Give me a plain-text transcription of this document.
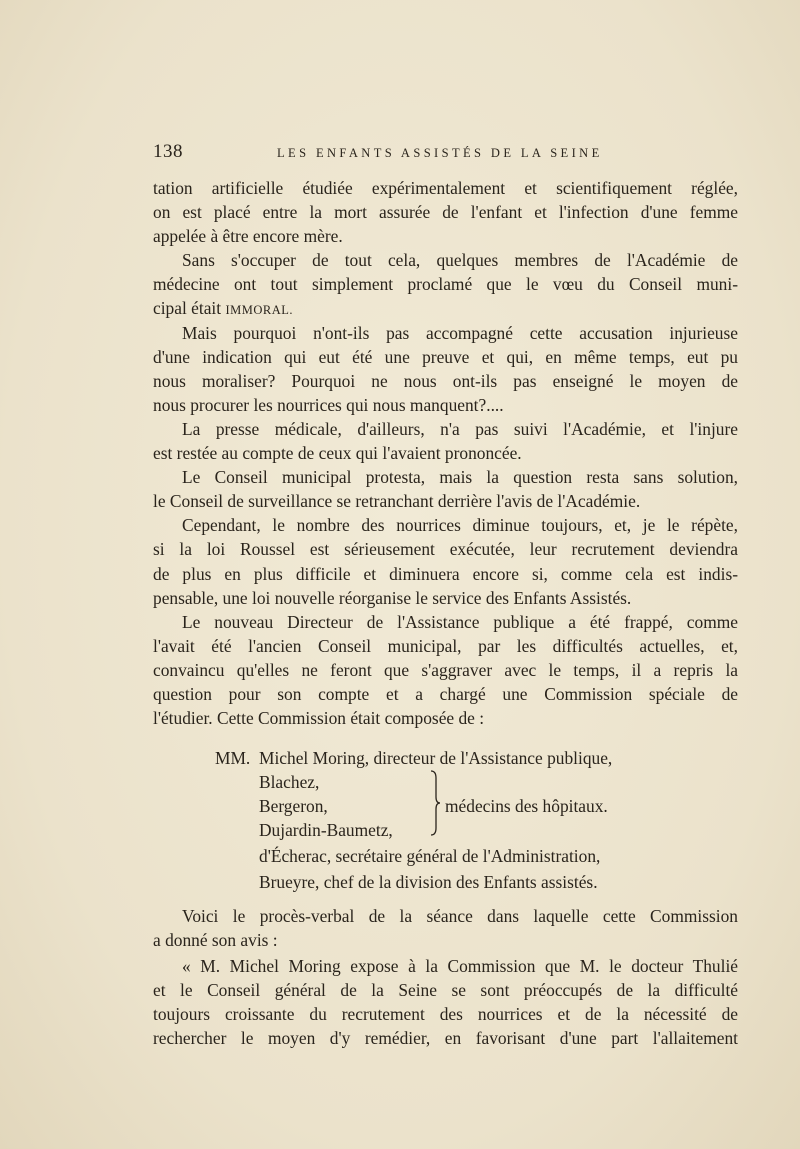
138	LES ENFANTS ASSISTÉS DE LA SEINE
tation artificielle étudiée expérimentalement et scientifiquement réglée,
on est placé entre la mort assurée de l'enfant et l'infection d'une femme
appelée à être encore mère.
Sans s'occuper de tout cela, quelques membres de l'Académie de
médecine ont tout simplement proclamé que le vœu du Conseil muni-
cipal était IMMORAL.
Mais pourquoi n'ont-ils pas accompagné cette accusation injurieuse
d'une indication qui eut été une preuve et qui, en même temps, eut pu
nous moraliser? Pourquoi ne nous ont-ils pas enseigné le moyen de
nous procurer les nourrices qui nous manquent?....
La presse médicale, d'ailleurs, n'a pas suivi l'Académie, et l'injure
est restée au compte de ceux qui l'avaient prononcée.
Le Conseil municipal protesta, mais la question resta sans solution,
le Conseil de surveillance se retranchant derrière l'avis de l'Académie.
Cependant, le nombre des nourrices diminue toujours, et, je le répète,
si la loi Roussel est sérieusement exécutée, leur recrutement deviendra
de plus en plus difficile et diminuera encore si, comme cela est indis-
pensable, une loi nouvelle réorganise le service des Enfants Assistés.
Le nouveau Directeur de l'Assistance publique a été frappé, comme
l'avait été l'ancien Conseil municipal, par les difficultés actuelles, et,
convaincu qu'elles ne feront que s'aggraver avec le temps, il a repris la
question pour son compte et a chargé une Commission spéciale de
l'étudier. Cette Commission était composée de :
MM. Michel Moring, directeur de l'Assistance publique,
Blachez,
Bergeron,
Dujardin-Baumetz,
médecins des hôpitaux.
d'Écherac, secrétaire général de l'Administration,
Brueyre, chef de la division des Enfants assistés.
Voici le procès-verbal de la séance dans laquelle cette Commission
a donné son avis :
« M. Michel Moring expose à la Commission que M. le docteur Thulié
et le Conseil général de la Seine se sont préoccupés de la difficulté
toujours croissante du recrutement des nourrices et de la nécessité de
rechercher le moyen d'y remédier, en favorisant d'une part l'allaitement
